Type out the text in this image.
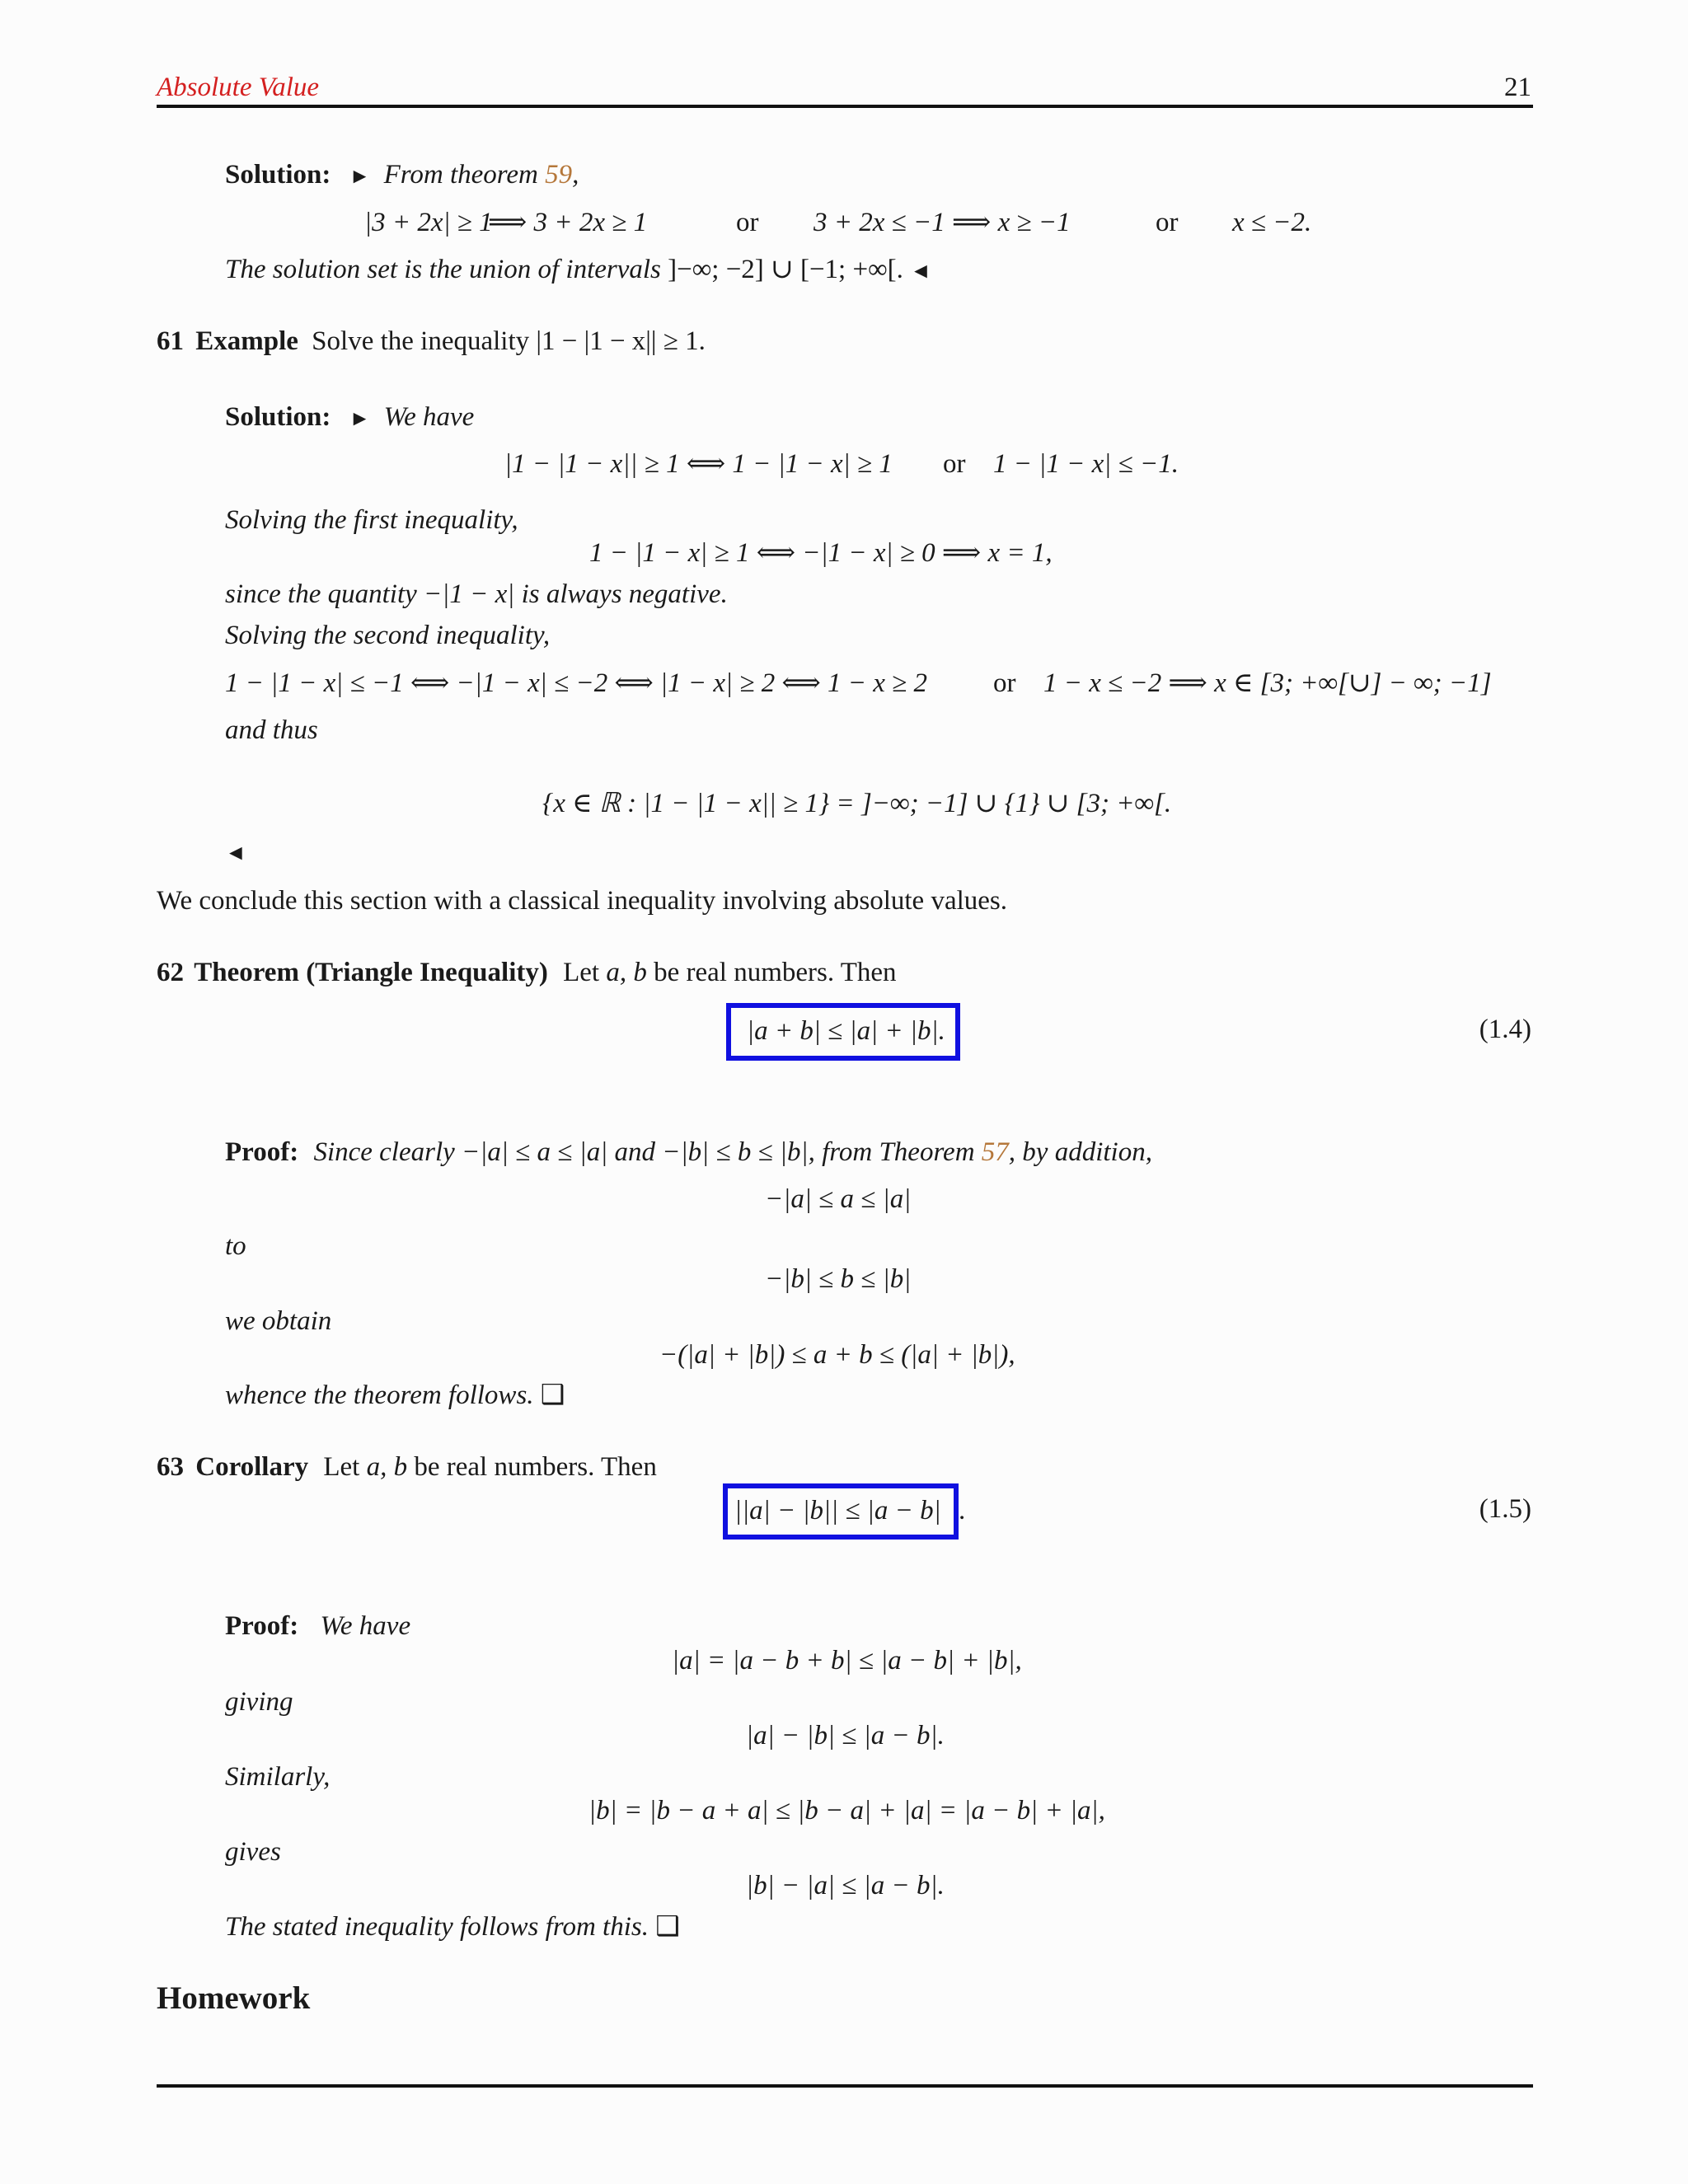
Absolute Value	21
Solution: ► From theorem 59,
|3 + 2x| ≥ 1
⟹ 3 + 2x ≥ 1	or 3 + 2x ≤ −1 ⟹ x ≥ −1	or x ≤ −2.
The solution set is the union of intervals ]−∞; −2] ∪ [−1; +∞[. ◄
61 Example Solve the inequality |1 − |1 − x|| ≥ 1.
Solution: ► We have
|1 − |1 − x|| ≥ 1 ⟺ 1 − |1 − x| ≥ 1 or 1 − |1 − x| ≤ −1.
Solving the first inequality,
1 − |1 − x| ≥ 1 ⟺ −|1 − x| ≥ 0 ⟹ x = 1,
since the quantity −|1 − x| is always negative.
Solving the second inequality,
1 − |1 − x| ≤ −1 ⟺ −|1 − x| ≤ −2 ⟺ |1 − x| ≥ 2 ⟺ 1 − x ≥ 2 or 1 − x ≤ −2 ⟹ x ∈ [3; +∞[∪] − ∞; −1]
and thus
{x ∈ ℝ : |1 − |1 − x|| ≥ 1} = ]−∞; −1] ∪ {1} ∪ [3; +∞[.
◄
We conclude this section with a classical inequality involving absolute values.
62 Theorem (Triangle Inequality) Let a, b be real numbers. Then
|a + b| ≤ |a| + |b|.	(1.4)
Proof: Since clearly −|a| ≤ a ≤ |a| and −|b| ≤ b ≤ |b|, from Theorem 57, by addition,
−|a| ≤ a ≤ |a|
to
−|b| ≤ b ≤ |b|
we obtain
−(|a| + |b|) ≤ a + b ≤ (|a| + |b|),
whence the theorem follows. ❑
63 Corollary Let a, b be real numbers. Then
||a| − |b|| ≤ |a − b| .	(1.5)
Proof: We have
|a| = |a − b + b| ≤ |a − b| + |b|,
giving
|a| − |b| ≤ |a − b|.
Similarly,
|b| = |b − a + a| ≤ |b − a| + |a| = |a − b| + |a|,
gives
|b| − |a| ≤ |a − b|.
The stated inequality follows from this. ❑
Homework
